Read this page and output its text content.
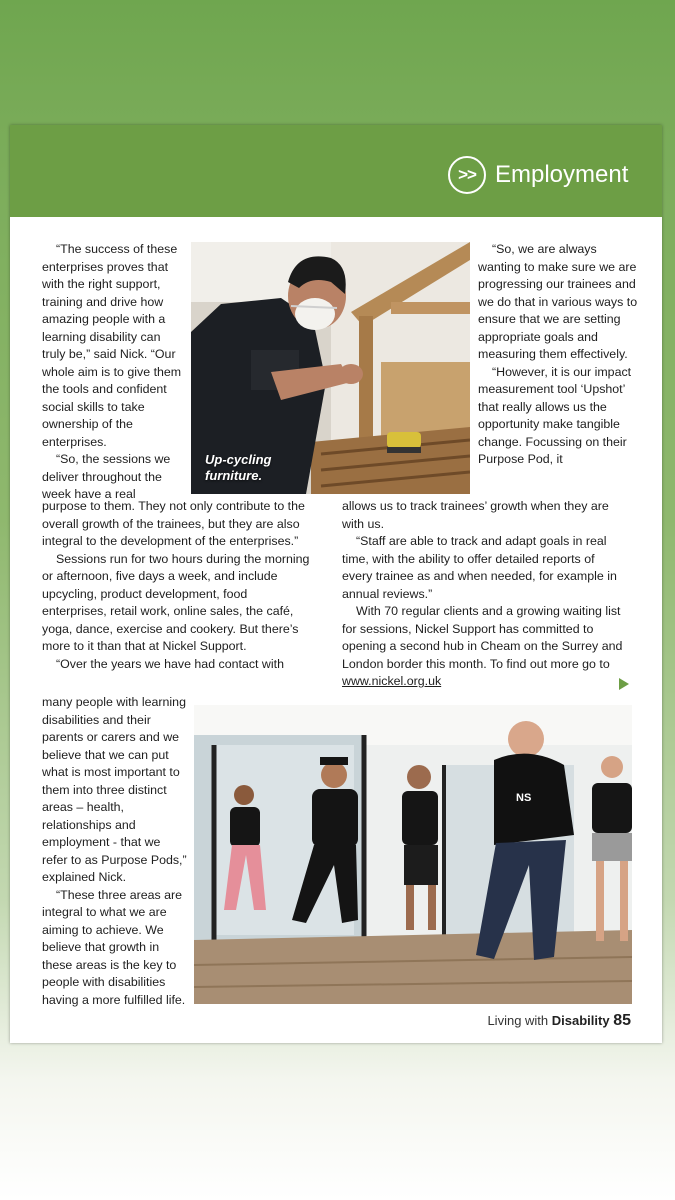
>> Employment

“The success of these enterprises proves that with the right support, training and drive how amazing people with a learning disability can truly be,” said Nick. “Our whole aim is to give them the tools and confident social skills to take ownership of the enterprises.

“So, the sessions we deliver throughout the week have a real

Up-cycling
furniture.

“So, we are always wanting to make sure we are progressing our trainees and we do that in various ways to ensure that we are setting appropriate goals and measuring them effectively.

“However, it is our impact measurement tool ‘Upshot’ that really allows us the opportunity make tangible change. Focussing on their Purpose Pod, it

purpose to them. They not only contribute to the overall growth of the trainees, but they are also integral to the development of the enterprises.”

Sessions run for two hours during the morning or afternoon, five days a week, and include upcycling, product development, food enterprises, retail work, online sales, the café, yoga, dance, exercise and cookery. But there’s more to it than that at Nickel Support.

“Over the years we have had contact with

allows us to track trainees’ growth when they are with us.

“Staff are able to track and adapt goals in real time, with the ability to offer detailed reports of every trainee as and when needed, for example in annual reviews.”

With 70 regular clients and a growing waiting list for sessions, Nickel Support has committed to opening a second hub in Cheam on the Surrey and London border this month. To find out more go to

www.nickel.org.uk

many people with learning disabilities and their parents or carers and we believe that we can put what is most important to them into three distinct areas – health, relationships and employment - that we refer to as Purpose Pods,” explained Nick.

“These three areas are integral to what we are aiming to achieve. We believe that growth in these areas is the key to people with disabilities having a more fulfilled life.

NS
Living with Disability 85
